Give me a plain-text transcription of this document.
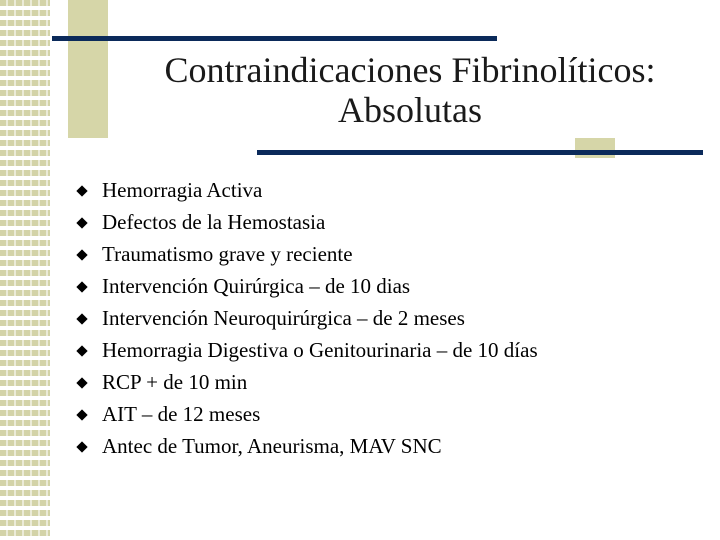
Contraindicaciones Fibrinolíticos:
Absolutas
Hemorragia Activa
Defectos de la Hemostasia
Traumatismo grave y reciente
Intervención Quirúrgica – de 10 dias
Intervención Neuroquirúrgica – de 2 meses
Hemorragia Digestiva o Genitourinaria – de 10 días
RCP + de 10 min
AIT – de 12 meses
Antec de Tumor, Aneurisma, MAV SNC
